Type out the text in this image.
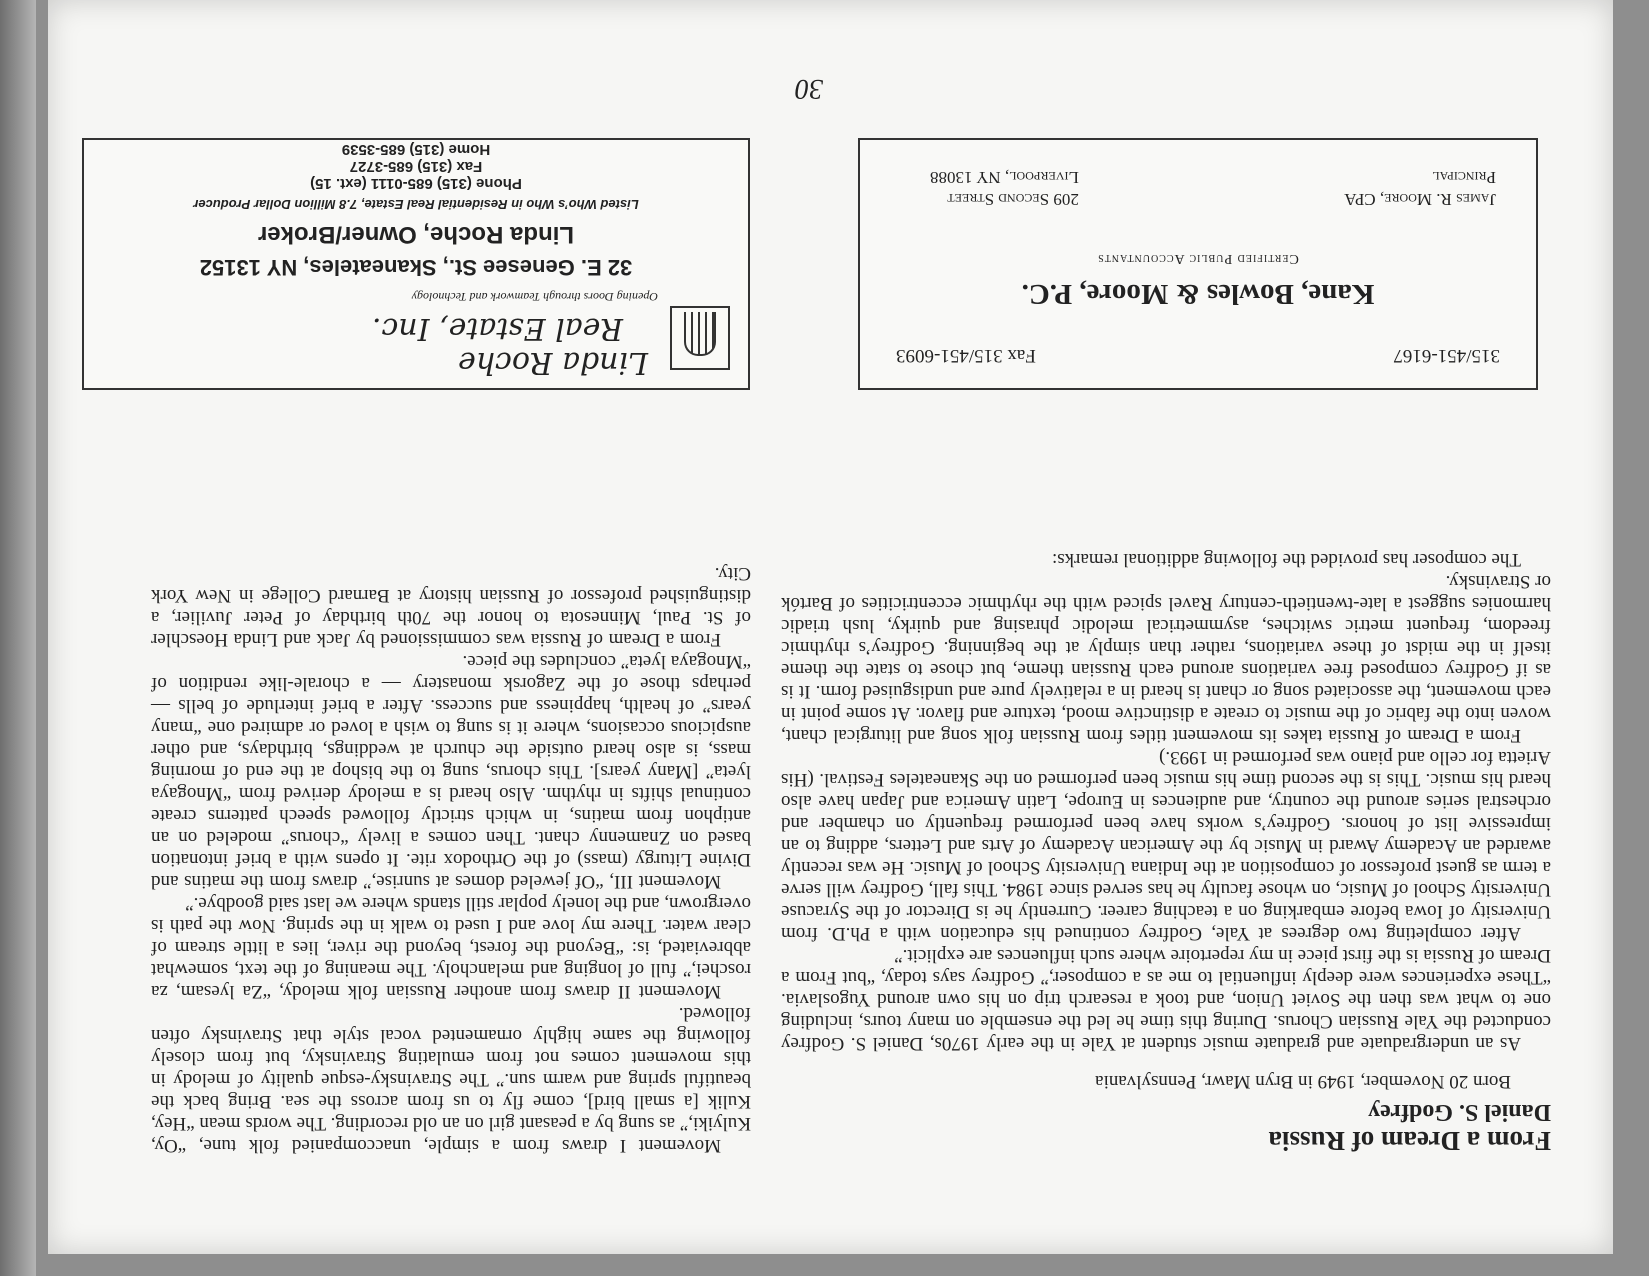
From a Dream of Russia
Daniel S. Godfrey

Born 20 November, 1949 in Bryn Mawr, Pennsylvania

As an undergraduate and graduate music student at Yale in the early 1970s, Daniel S. Godfrey conducted the Yale Russian Chorus. During this time he led the ensemble on many tours, including one to what was then the Soviet Union, and took a research trip on his own around Yugoslavia. “These experiences were deeply influential to me as a composer,” Godfrey says today, “but From a Dream of Russia is the first piece in my repertoire where such influences are explicit.”

After completing two degrees at Yale, Godfrey continued his education with a Ph.D. from University of Iowa before embarking on a teaching career. Currently he is Director of the Syracuse University School of Music, on whose faculty he has served since 1984. This fall, Godfrey will serve a term as guest professor of composition at the Indiana University School of Music. He was recently awarded an Academy Award in Music by the American Academy of Arts and Letters, adding to an impressive list of honors. Godfrey’s works have been performed frequently on chamber and orchestral series around the country, and audiences in Europe, Latin America and Japan have also heard his music. This is the second time his music been performed on the Skaneateles Festival. (His Arietta for cello and piano was performed in 1993.)

From a Dream of Russia takes its movement titles from Russian folk song and liturgical chant, woven into the fabric of the music to create a distinctive mood, texture and flavor. At some point in each movement, the associated song or chant is heard in a relatively pure and undisguised form. It is as if Godfrey composed free variations around each Russian theme, but chose to state the theme itself in the midst of these variations, rather than simply at the beginning. Godfrey’s rhythmic freedom, frequent metric switches, asymmetrical melodic phrasing and quirky, lush triadic harmonies suggest a late-twentieth-century Ravel spiced with the rhythmic eccentricities of Bartók or Stravinsky.

The composer has provided the following additional remarks:

Movement I draws from a simple, unaccompanied folk tune, “Oy, Kulyiki,” as sung by a peasant girl on an old recording. The words mean “Hey, Kulik [a small bird], come fly to us from across the sea. Bring back the beautiful spring and warm sun.” The Stravinsky-esque quality of melody in this movement comes not from emulating Stravinsky, but from closely following the same highly ornamented vocal style that Stravinsky often followed.

Movement II draws from another Russian folk melody, “Za lyesam, za roschei,” full of longing and melancholy. The meaning of the text, somewhat abbreviated, is: “Beyond the forest, beyond the river, lies a little stream of clear water. There my love and I used to walk in the spring. Now the path is overgrown, and the lonely poplar still stands where we last said goodbye.”

Movement III, “Of jeweled domes at sunrise,” draws from the matins and Divine Liturgy (mass) of the Orthodox rite. It opens with a brief intonation based on Znamenny chant. Then comes a lively “chorus” modeled on an antiphon from matins, in which strictly followed speech patterns create continual shifts in rhythm. Also heard is a melody derived from “Mnogaya lyeta” [Many years]. This chorus, sung to the bishop at the end of morning mass, is also heard outside the church at weddings, birthdays, and other auspicious occasions, where it is sung to wish a loved or admired one “many years” of health, happiness and success. After a brief interlude of bells — perhaps those of the Zagorsk monastery — a chorale-like rendition of “Mnogaya lyeta” concludes the piece.

From a Dream of Russia was commissioned by Jack and Linda Hoeschler of St. Paul, Minnesota to honor the 70th birthday of Peter Juvilier, a distinguished professor of Russian history at Barnard College in New York City.

315/451-6167
Fax 315/451-6093
Kane, Bowles & Moore, P.C.
Certified Public Accountants
James R. Moore, CPA
Principal
209 Second Street
Liverpool, NY 13088
Linda Roche
Real Estate, Inc.
Opening Doors through Teamwork and Technology
32 E. Genesee St., Skaneateles, NY 13152
Linda Roche, Owner/Broker
Listed Who’s Who in Residential Real Estate, 7.8 Million Dollar Producer
Phone (315) 685-0111 (ext. 15)
Fax (315) 685-3727
Home (315) 685-3539
30
